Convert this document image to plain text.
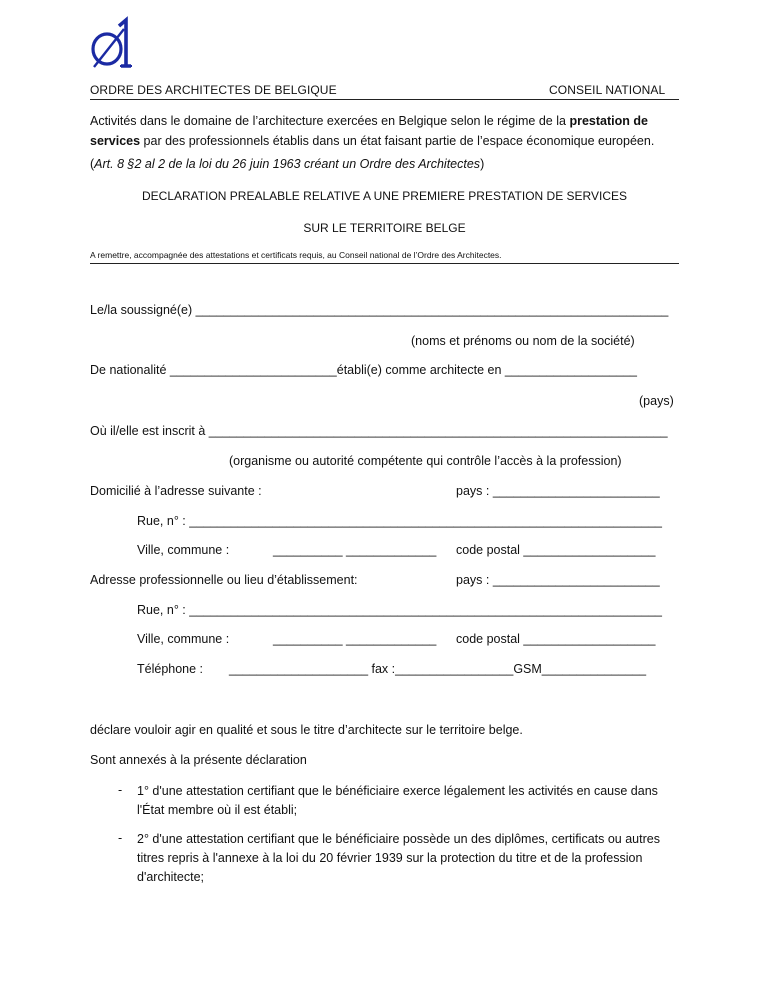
ORDRE DES ARCHITECTES DE BELGIQUE	CONSEIL NATIONAL
Activités dans le domaine de l’architecture exercées en Belgique selon le régime de la prestation de
services par des professionnels établis dans un état faisant partie de l’espace économique européen.
(Art. 8 §2 al 2 de la loi du 26 juin 1963 créant un Ordre des Architectes)
DECLARATION PREALABLE RELATIVE A UNE PREMIERE PRESTATION DE SERVICES
SUR LE TERRITOIRE BELGE
A remettre, accompagnée des attestations et certificats requis, au Conseil national de l’Ordre des Architectes.
Le/la soussigné(e) ____________________________________________________________________
(noms et prénoms ou nom de la société)
De nationalité ________________________établi(e) comme architecte en ___________________
(pays)
Où il/elle est inscrit à __________________________________________________________________
(organisme ou autorité compétente qui contrôle l’accès à la profession)
Domicilié à l’adresse suivante :	pays : ________________________
Rue, n° : ____________________________________________________________________
Ville, commune :	__________ _____________ code postal ___________________
Adresse professionnelle ou lieu d’établissement:	pays : ________________________
Rue, n° : ____________________________________________________________________
Ville, commune :	__________ _____________ code postal ___________________
Téléphone : ____________________ fax :_________________GSM_______________
déclare vouloir agir en qualité et sous le titre d’architecte sur le territoire belge.
Sont annexés à la présente déclaration
- 1° d'une attestation certifiant que le bénéficiaire exerce légalement les activités en cause dans l'État membre où il est établi;
- 2° d'une attestation certifiant que le bénéficiaire possède un des diplômes, certificats ou autres titres repris à l'annexe à la loi du 20 février 1939 sur la protection du titre et de la profession d'architecte;
